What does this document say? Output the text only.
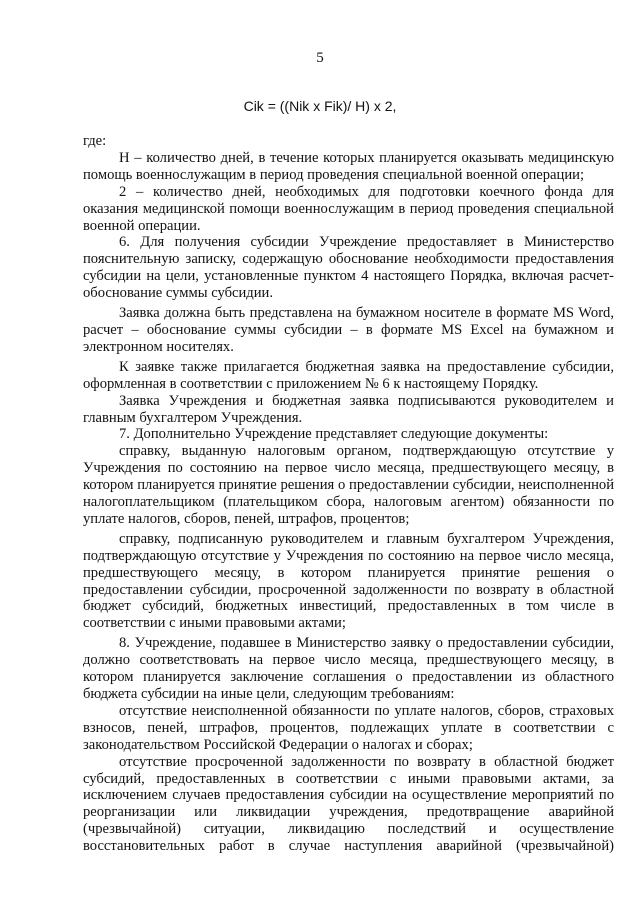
5
Cik = ((Nik x Fik)/ H) x 2,

где:

Н – количество дней, в течение которых планируется оказывать медицинскую помощь военнослужащим в период проведения специальной военной операции;

2 – количество дней, необходимых для подготовки коечного фонда для оказания медицинской помощи военнослужащим в период проведения специальной военной операции.

6. Для получения субсидии Учреждение предоставляет в Министерство пояснительную записку, содержащую обоснование необходимости предоставления субсидии на цели, установленные пунктом 4 настоящего Порядка, включая расчет-обоснование суммы субсидии.

Заявка должна быть представлена на бумажном носителе в формате MS Word, расчет – обоснование суммы субсидии – в формате MS Excel на бумажном и электронном носителях.

К заявке также прилагается бюджетная заявка на предоставление субсидии, оформленная в соответствии с приложением № 6 к настоящему Порядку.

Заявка Учреждения и бюджетная заявка подписываются руководителем и главным бухгалтером Учреждения.

7. Дополнительно Учреждение представляет следующие документы:

справку, выданную налоговым органом, подтверждающую отсутствие у Учреждения по состоянию на первое число месяца, предшествующего месяцу, в котором планируется принятие решения о предоставлении субсидии, неисполненной налогоплательщиком (плательщиком сбора, налоговым агентом) обязанности по уплате налогов, сборов, пеней, штрафов, процентов;

справку, подписанную руководителем и главным бухгалтером Учреждения, подтверждающую отсутствие у Учреждения по состоянию на первое число месяца, предшествующего месяцу, в котором планируется принятие решения о предоставлении субсидии, просроченной задолженности по возврату в областной бюджет субсидий, бюджетных инвестиций, предоставленных в том числе в соответствии с иными правовыми актами;

8. Учреждение, подавшее в Министерство заявку о предоставлении субсидии, должно соответствовать на первое число месяца, предшествующего месяцу, в котором планируется заключение соглашения о предоставлении из областного бюджета субсидии на иные цели, следующим требованиям:

отсутствие неисполненной обязанности по уплате налогов, сборов, страховых взносов, пеней, штрафов, процентов, подлежащих уплате в соответствии с законодательством Российской Федерации о налогах и сборах;

отсутствие просроченной задолженности по возврату в областной бюджет субсидий, предоставленных в соответствии с иными правовыми актами, за исключением случаев предоставления субсидии на осуществление мероприятий по реорганизации или ликвидации учреждения, предотвращение аварийной (чрезвычайной) ситуации, ликвидацию последствий и осуществление восстановительных работ в случае наступления аварийной (чрезвычайной)
